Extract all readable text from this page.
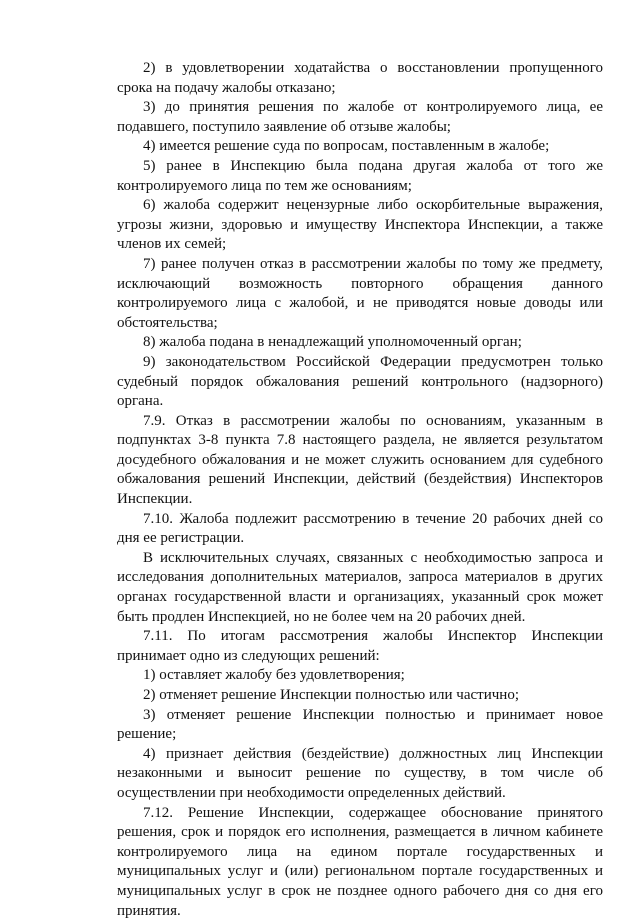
2) в удовлетворении ходатайства о восстановлении пропущенного срока на подачу жалобы отказано;

3) до принятия решения по жалобе от контролируемого лица, ее подавшего, поступило заявление об отзыве жалобы;

4) имеется решение суда по вопросам, поставленным в жалобе;

5) ранее в Инспекцию была подана другая жалоба от того же контролируемого лица по тем же основаниям;

6) жалоба содержит нецензурные либо оскорбительные выражения, угрозы жизни, здоровью и имуществу Инспектора Инспекции, а также членов их семей;

7) ранее получен отказ в рассмотрении жалобы по тому же предмету, исключающий возможность повторного обращения данного контролируемого лица с жалобой, и не приводятся новые доводы или обстоятельства;

8) жалоба подана в ненадлежащий уполномоченный орган;

9) законодательством Российской Федерации предусмотрен только судебный порядок обжалования решений контрольного (надзорного) органа.

7.9. Отказ в рассмотрении жалобы по основаниям, указанным в подпунктах 3-8 пункта 7.8 настоящего раздела, не является результатом досудебного обжалования и не может служить основанием для судебного обжалования решений Инспекции, действий (бездействия) Инспекторов Инспекции.

7.10. Жалоба подлежит рассмотрению в течение 20 рабочих дней со дня ее регистрации.

В исключительных случаях, связанных с необходимостью запроса и исследования дополнительных материалов, запроса материалов в других органах государственной власти и организациях, указанный срок может быть продлен Инспекцией, но не более чем на 20 рабочих дней.

7.11. По итогам рассмотрения жалобы Инспектор Инспекции принимает одно из следующих решений:

1) оставляет жалобу без удовлетворения;

2) отменяет решение Инспекции полностью или частично;

3) отменяет решение Инспекции полностью и принимает новое решение;

4) признает действия (бездействие) должностных лиц Инспекции незаконными и выносит решение по существу, в том числе об осуществлении при необходимости определенных действий.

7.12. Решение Инспекции, содержащее обоснование принятого решения, срок и порядок его исполнения, размещается в личном кабинете контролируемого лица на едином портале государственных и муниципальных услуг и (или) региональном портале государственных и муниципальных услуг в срок не позднее одного рабочего дня со дня его принятия.
